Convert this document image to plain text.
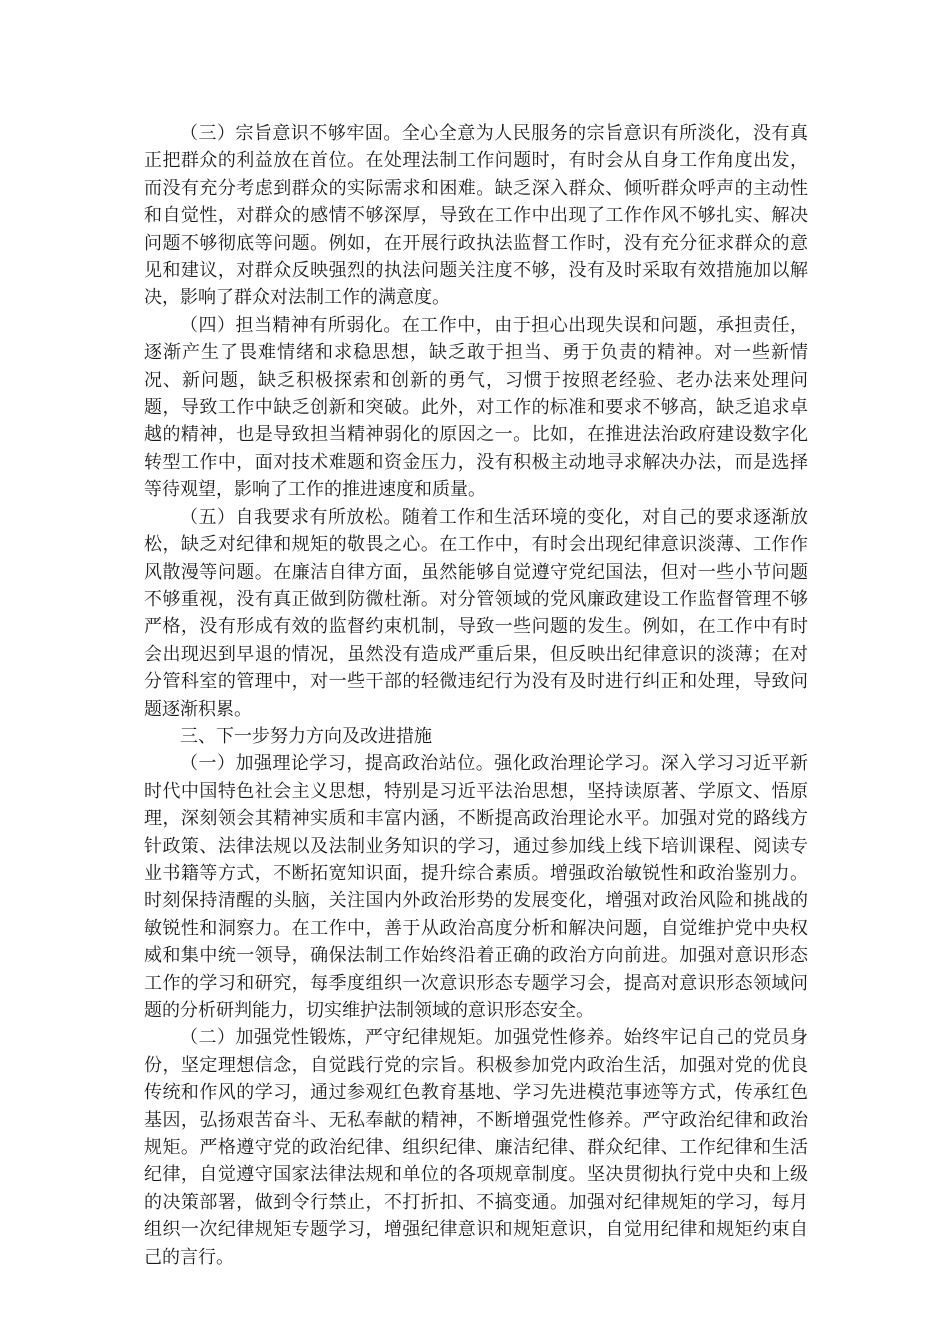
（三）宗旨意识不够牢固。全心全意为人民服务的宗旨意识有所淡化，没有真正把群众的利益放在首位。在处理法制工作问题时，有时会从自身工作角度出发，而没有充分考虑到群众的实际需求和困难。缺乏深入群众、倾听群众呼声的主动性和自觉性，对群众的感情不够深厚，导致在工作中出现了工作作风不够扎实、解决问题不够彻底等问题。例如，在开展行政执法监督工作时，没有充分征求群众的意见和建议，对群众反映强烈的执法问题关注度不够，没有及时采取有效措施加以解决，影响了群众对法制工作的满意度。

（四）担当精神有所弱化。在工作中，由于担心出现失误和问题，承担责任，逐渐产生了畏难情绪和求稳思想，缺乏敢于担当、勇于负责的精神。对一些新情况、新问题，缺乏积极探索和创新的勇气，习惯于按照老经验、老办法来处理问题，导致工作中缺乏创新和突破。此外，对工作的标准和要求不够高，缺乏追求卓越的精神，也是导致担当精神弱化的原因之一。比如，在推进法治政府建设数字化转型工作中，面对技术难题和资金压力，没有积极主动地寻求解决办法，而是选择等待观望，影响了工作的推进速度和质量。

（五）自我要求有所放松。随着工作和生活环境的变化，对自己的要求逐渐放松，缺乏对纪律和规矩的敬畏之心。在工作中，有时会出现纪律意识淡薄、工作作风散漫等问题。在廉洁自律方面，虽然能够自觉遵守党纪国法，但对一些小节问题不够重视，没有真正做到防微杜渐。对分管领域的党风廉政建设工作监督管理不够严格，没有形成有效的监督约束机制，导致一些问题的发生。例如，在工作中有时会出现迟到早退的情况，虽然没有造成严重后果，但反映出纪律意识的淡薄；在对分管科室的管理中，对一些干部的轻微违纪行为没有及时进行纠正和处理，导致问题逐渐积累。

三、下一步努力方向及改进措施

（一）加强理论学习，提高政治站位。强化政治理论学习。深入学习习近平新时代中国特色社会主义思想，特别是习近平法治思想，坚持读原著、学原文、悟原理，深刻领会其精神实质和丰富内涵，不断提高政治理论水平。加强对党的路线方针政策、法律法规以及法制业务知识的学习，通过参加线上线下培训课程、阅读专业书籍等方式，不断拓宽知识面，提升综合素质。增强政治敏锐性和政治鉴别力。时刻保持清醒的头脑，关注国内外政治形势的发展变化，增强对政治风险和挑战的敏锐性和洞察力。在工作中，善于从政治高度分析和解决问题，自觉维护党中央权威和集中统一领导，确保法制工作始终沿着正确的政治方向前进。加强对意识形态工作的学习和研究，每季度组织一次意识形态专题学习会，提高对意识形态领域问题的分析研判能力，切实维护法制领域的意识形态安全。

（二）加强党性锻炼，严守纪律规矩。加强党性修养。始终牢记自己的党员身份，坚定理想信念，自觉践行党的宗旨。积极参加党内政治生活，加强对党的优良传统和作风的学习，通过参观红色教育基地、学习先进模范事迹等方式，传承红色基因，弘扬艰苦奋斗、无私奉献的精神，不断增强党性修养。严守政治纪律和政治规矩。严格遵守党的政治纪律、组织纪律、廉洁纪律、群众纪律、工作纪律和生活纪律，自觉遵守国家法律法规和单位的各项规章制度。坚决贯彻执行党中央和上级的决策部署，做到令行禁止，不打折扣、不搞变通。加强对纪律规矩的学习，每月组织一次纪律规矩专题学习，增强纪律意识和规矩意识，自觉用纪律和规矩约束自己的言行。
